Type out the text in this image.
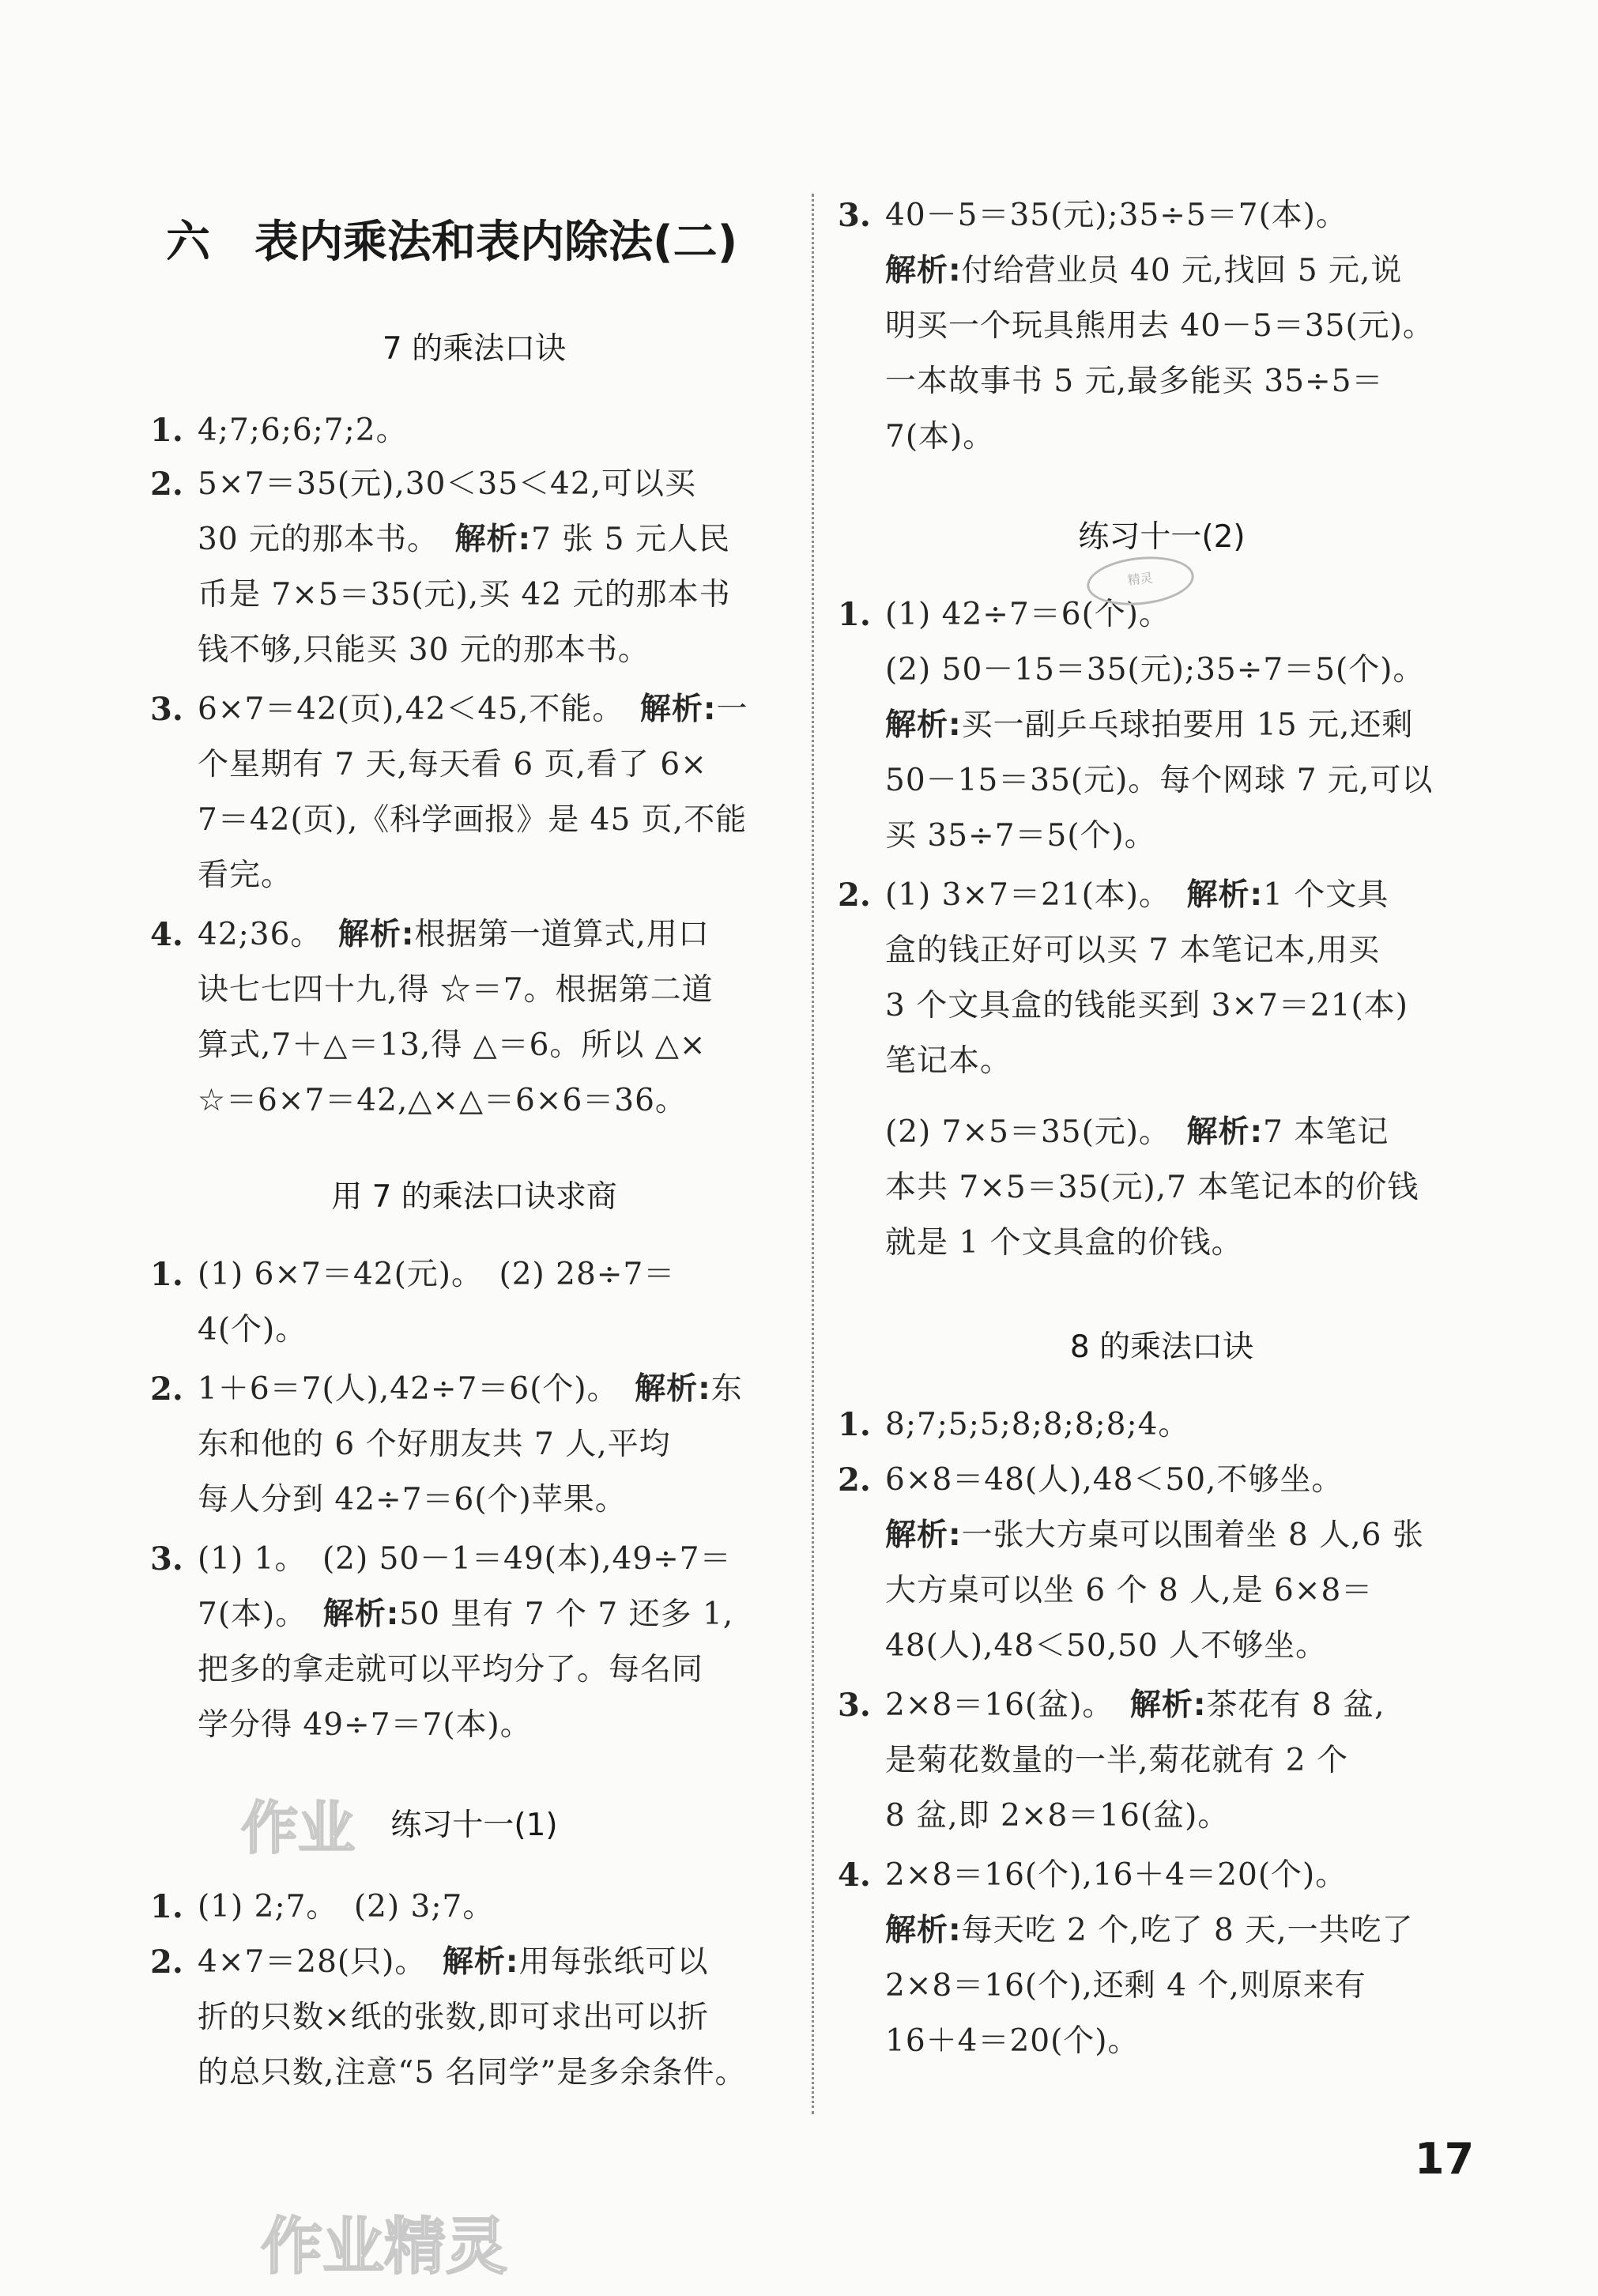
六 表内乘法和表内除法(二)
7 的乘法口诀
1. 4;7;6;6;7;2。
2. 5×7＝35(元),30＜35＜42,可以买
30 元的那本书。　解析:7 张 5 元人民
币是 7×5＝35(元),买 42 元的那本书
钱不够,只能买 30 元的那本书。
3. 6×7＝42(页),42＜45,不能。　解析:一
个星期有 7 天,每天看 6 页,看了 6×
7＝42(页),《科学画报》是 45 页,不能
看完。
4. 42;36。　解析:根据第一道算式,用口
诀七七四十九,得 ☆＝7。根据第二道
算式,7＋△＝13,得 △＝6。所以 △×
☆＝6×7＝42,△×△＝6×6＝36。
用 7 的乘法口诀求商
1. (1) 6×7＝42(元)。　(2) 28÷7＝
4(个)。
2. 1＋6＝7(人),42÷7＝6(个)。　解析:东
东和他的 6 个好朋友共 7 人,平均
每人分到 42÷7＝6(个)苹果。
3. (1) 1。　(2) 50－1＝49(本),49÷7＝
7(本)。　解析:50 里有 7 个 7 还多 1,
把多的拿走就可以平均分了。每名同
学分得 49÷7＝7(本)。
练习十一(1)
1. (1) 2;7。　(2) 3;7。
2. 4×7＝28(只)。　解析:用每张纸可以
折的只数×纸的张数,即可求出可以折
的总只数,注意“5 名同学”是多余条件。
3. 40－5＝35(元);35÷5＝7(本)。
解析:付给营业员 40 元,找回 5 元,说
明买一个玩具熊用去 40－5＝35(元)。
一本故事书 5 元,最多能买 35÷5＝
7(本)。
练习十一(2)
1. (1) 42÷7＝6(个)。
(2) 50－15＝35(元);35÷7＝5(个)。
解析:买一副乒乓球拍要用 15 元,还剩
50－15＝35(元)。每个网球 7 元,可以
买 35÷7＝5(个)。
2. (1) 3×7＝21(本)。　解析:1 个文具
盒的钱正好可以买 7 本笔记本,用买
3 个文具盒的钱能买到 3×7＝21(本)
笔记本。
(2) 7×5＝35(元)。　解析:7 本笔记
本共 7×5＝35(元),7 本笔记本的价钱
就是 1 个文具盒的价钱。
8 的乘法口诀
1. 8;7;5;5;8;8;8;8;4。
2. 6×8＝48(人),48＜50,不够坐。
解析:一张大方桌可以围着坐 8 人,6 张
大方桌可以坐 6 个 8 人,是 6×8＝
48(人),48＜50,50 人不够坐。
3. 2×8＝16(盆)。　解析:茶花有 8 盆,
是菊花数量的一半,菊花就有 2 个
8 盆,即 2×8＝16(盆)。
4. 2×8＝16(个),16＋4＝20(个)。
解析:每天吃 2 个,吃了 8 天,一共吃了
2×8＝16(个),还剩 4 个,则原来有
16＋4＝20(个)。
精灵
作业
作业精灵
17
